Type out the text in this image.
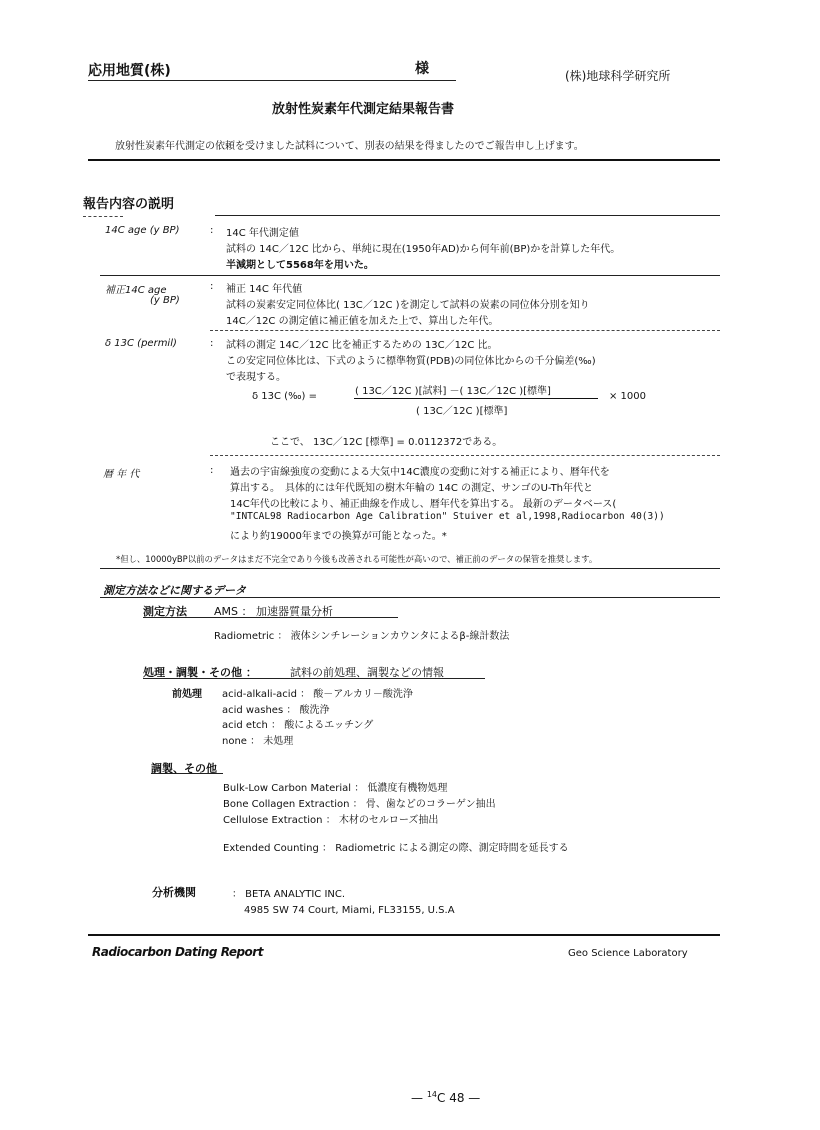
応用地質(株)	様	(株)地球科学研究所
放射性炭素年代測定結果報告書
放射性炭素年代測定の依頼を受けました試料について、別表の結果を得ましたのでご報告申し上げます。
報告内容の説明
14C age (y BP)	: 14C 年代測定値
試料の 14C／12C 比から、単純に現在(1950年AD)から何年前(BP)かを計算した年代。
半減期として5568年を用いた。
補正14C age
(y BP)
: 補正 14C 年代値
試料の炭素安定同位体比( 13C／12C )を測定して試料の炭素の同位体分別を知り
14C／12C の測定値に補正値を加えた上で、算出した年代。
δ 13C (permil)	: 試料の測定 14C／12C 比を補正するための 13C／12C 比。
この安定同位体比は、下式のように標準物質(PDB)の同位体比からの千分偏差(‰)
で表現する。
δ 13C (‰) =	( 13C／12C )[試料] －( 13C／12C )[標準]
( 13C／12C )[標準]
× 1000
ここで、 13C／12C [標準] = 0.0112372である。
暦 年 代	: 過去の宇宙線強度の変動による大気中14C濃度の変動に対する補正により、暦年代を
算出する。　具体的には年代既知の樹木年輪の 14C の測定、サンゴのU-Th年代と
14C年代の比較により、補正曲線を作成し、暦年代を算出する。 最新のデータベース(
"INTCAL98 Radiocarbon Age Calibration" Stuiver et al,1998,Radiocarbon 40(3))
により約19000年までの換算が可能となった。*
*但し、10000yBP以前のデータはまだ不完全であり今後も改善される可能性が高いので、補正前のデータの保管を推奨します。
測定方法などに関するデータ
測定方法 AMS ： 加速器質量分析
Radiometric ： 液体シンチレーションカウンタによるβ-線計数法
処理・調製・その他 ：	試料の前処理、調製などの情報
前処理 acid-alkali-acid ： 酸－アルカリ－酸洗浄
acid washes ： 酸洗浄
acid etch ： 酸によるエッチング
none ： 未処理
調製、その他
Bulk-Low Carbon Material ： 低濃度有機物処理
Bone Collagen Extraction ： 骨、歯などのコラーゲン抽出
Cellulose Extraction ： 木材のセルローズ抽出
Extended Counting ： Radiometric による測定の際、測定時間を延長する
分析機関	： BETA ANALYTIC INC.
4985 SW 74 Court, Miami, FL33155, U.S.A
Radiocarbon Dating Report	Geo Science Laboratory
— $^{14}$C 48 —
